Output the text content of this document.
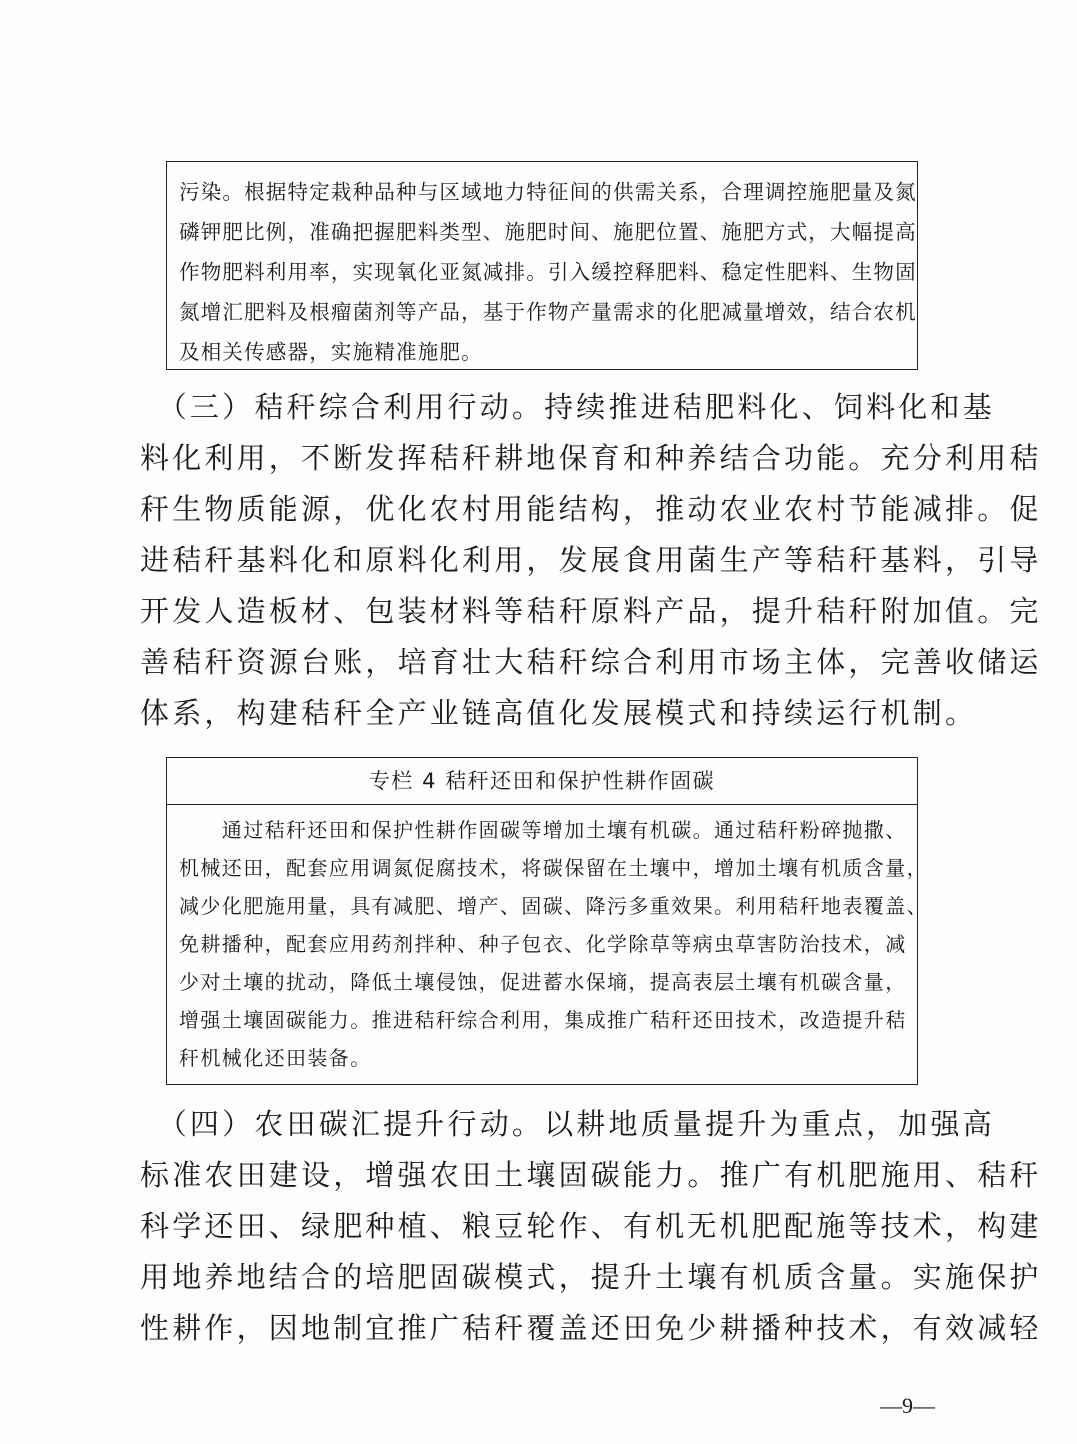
污染。根据特定栽种品种与区域地力特征间的供需关系，合理调控施肥量及氮
磷钾肥比例，准确把握肥料类型、施肥时间、施肥位置、施肥方式，大幅提高
作物肥料利用率，实现氧化亚氮减排。引入缓控释肥料、稳定性肥料、生物固
氮增汇肥料及根瘤菌剂等产品，基于作物产量需求的化肥减量增效，结合农机
及相关传感器，实施精准施肥。
　（三）秸秆综合利用行动。持续推进秸肥料化、饲料化和基
料化利用，不断发挥秸秆耕地保育和种养结合功能。充分利用秸
秆生物质能源，优化农村用能结构，推动农业农村节能减排。促
进秸秆基料化和原料化利用，发展食用菌生产等秸秆基料，引导
开发人造板材、包装材料等秸秆原料产品，提升秸秆附加值。完
善秸秆资源台账，培育壮大秸秆综合利用市场主体，完善收储运
体系，构建秸秆全产业链高值化发展模式和持续运行机制。
专栏 4 秸秆还田和保护性耕作固碳
　　通过秸秆还田和保护性耕作固碳等增加土壤有机碳。通过秸秆粉碎抛撒、
机械还田，配套应用调氮促腐技术，将碳保留在土壤中，增加土壤有机质含量，
减少化肥施用量，具有减肥、增产、固碳、降污多重效果。利用秸秆地表覆盖、
免耕播种，配套应用药剂拌种、种子包衣、化学除草等病虫草害防治技术，减
少对土壤的扰动，降低土壤侵蚀，促进蓄水保墒，提高表层土壤有机碳含量，
增强土壤固碳能力。推进秸秆综合利用，集成推广秸秆还田技术，改造提升秸
秆机械化还田装备。
　（四）农田碳汇提升行动。以耕地质量提升为重点，加强高
标准农田建设，增强农田土壤固碳能力。推广有机肥施用、秸秆
科学还田、绿肥种植、粮豆轮作、有机无机肥配施等技术，构建
用地养地结合的培肥固碳模式，提升土壤有机质含量。实施保护
性耕作，因地制宜推广秸秆覆盖还田免少耕播种技术，有效减轻
—9—
